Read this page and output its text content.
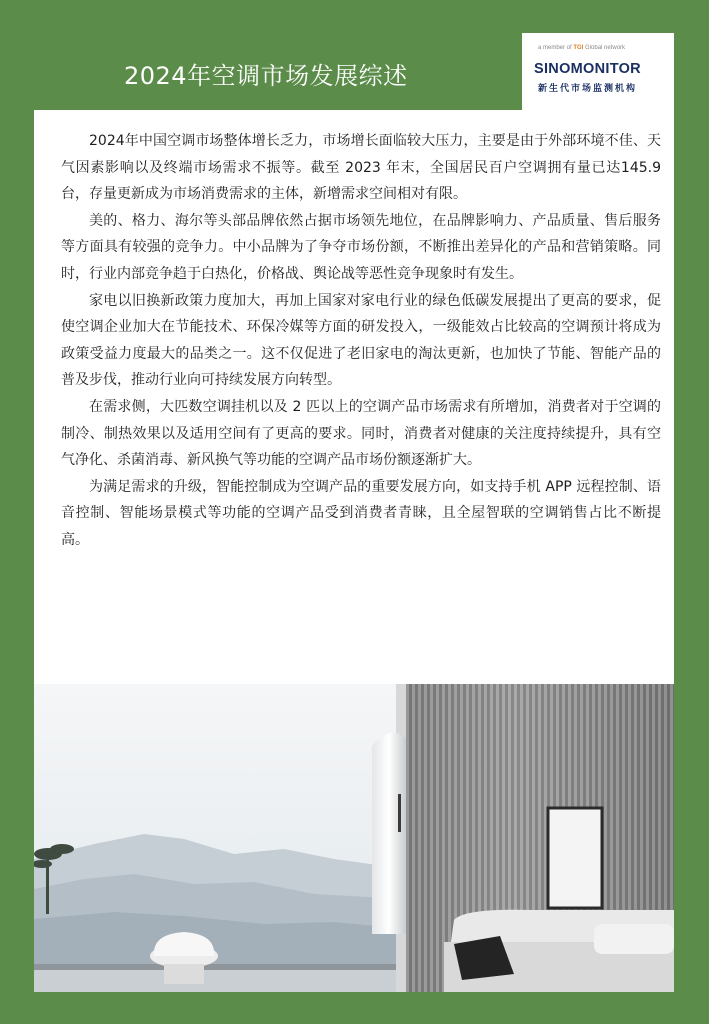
2024年空调市场发展综述
a member of TGI Global network
SINOMONITOR
新生代市场监测机构

2024年中国空调市场整体增长乏力，市场增长面临较大压力，主要是由于外部环境不佳、天气因素影响以及终端市场需求不振等。截至 2023 年末，全国居民百户空调拥有量已达145.9台，存量更新成为市场消费需求的主体，新增需求空间相对有限。

美的、格力、海尔等头部品牌依然占据市场领先地位，在品牌影响力、产品质量、售后服务等方面具有较强的竞争力。中小品牌为了争夺市场份额，不断推出差异化的产品和营销策略。同时，行业内部竞争趋于白热化，价格战、舆论战等恶性竞争现象时有发生。

家电以旧换新政策力度加大，再加上国家对家电行业的绿色低碳发展提出了更高的要求，促使空调企业加大在节能技术、环保冷媒等方面的研发投入，一级能效占比较高的空调预计将成为政策受益力度最大的品类之一。这不仅促进了老旧家电的淘汰更新，也加快了节能、智能产品的普及步伐，推动行业向可持续发展方向转型。

在需求侧，大匹数空调挂机以及 2 匹以上的空调产品市场需求有所增加，消费者对于空调的制冷、制热效果以及适用空间有了更高的要求。同时，消费者对健康的关注度持续提升，具有空气净化、杀菌消毒、新风换气等功能的空调产品市场份额逐渐扩大。

为满足需求的升级，智能控制成为空调产品的重要发展方向，如支持手机 APP 远程控制、语音控制、智能场景模式等功能的空调产品受到消费者青睐，且全屋智联的空调销售占比不断提高。
